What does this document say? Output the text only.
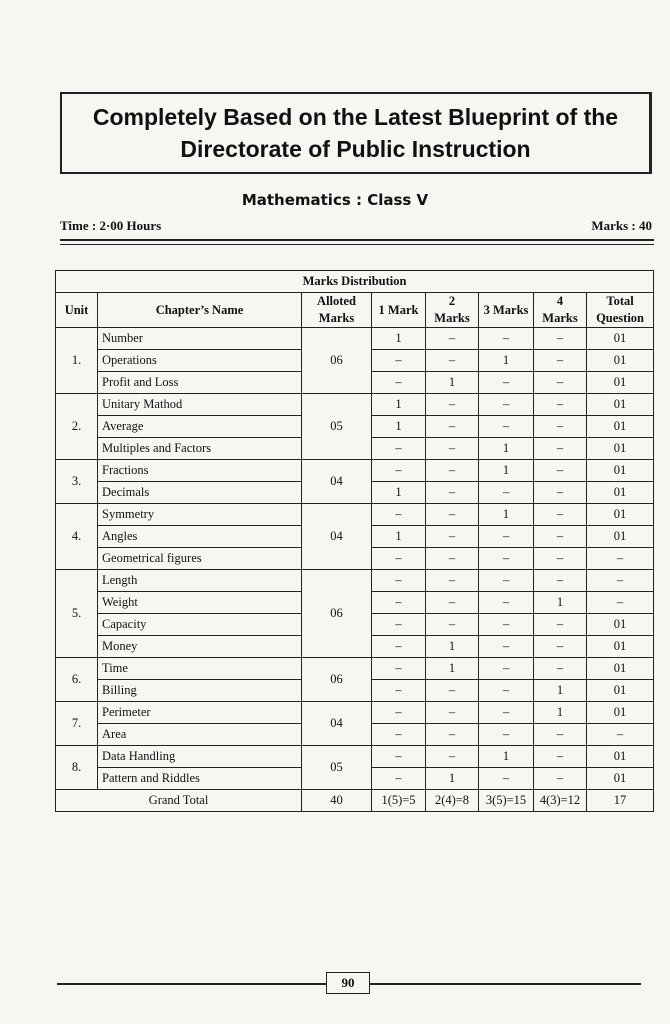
Completely Based on the Latest Blueprint of the
Directorate of Public Instruction
Mathematics : Class V
Time : 2·00 Hours	Marks : 40
Marks Distribution							
Unit	Chapter’s Name	Alloted Marks	1 Mark	2 Marks	3 Marks	4 Marks	Total Question
1.	Number	06	1	–	–	–	01
	Operations		–	–	1	–	01
	Profit and Loss		–	1	–	–	01
2.	Unitary Mathod	05	1	–	–	–	01
	Average		1	–	–	–	01
	Multiples and Factors		–	–	1	–	01
3.	Fractions	04	–	–	1	–	01
	Decimals		1	–	–	–	01
4.	Symmetry	04	–	–	1	–	01
	Angles		1	–	–	–	01
	Geometrical figures		–	–	–	–	–
5.	Length	06	–	–	–	–	–
	Weight		–	–	–	1	–
	Capacity		–	–	–	–	01
	Money		–	1	–	–	01
6.	Time	06	–	1	–	–	01
	Billing		–	–	–	1	01
7.	Perimeter	04	–	–	–	1	01
	Area		–	–	–	–	–
8.	Data Handling	05	–	–	1	–	01
	Pattern and Riddles		–	1	–	–	01
Grand Total		40	1(5)=5	2(4)=8	3(5)=15	4(3)=12	17
90
